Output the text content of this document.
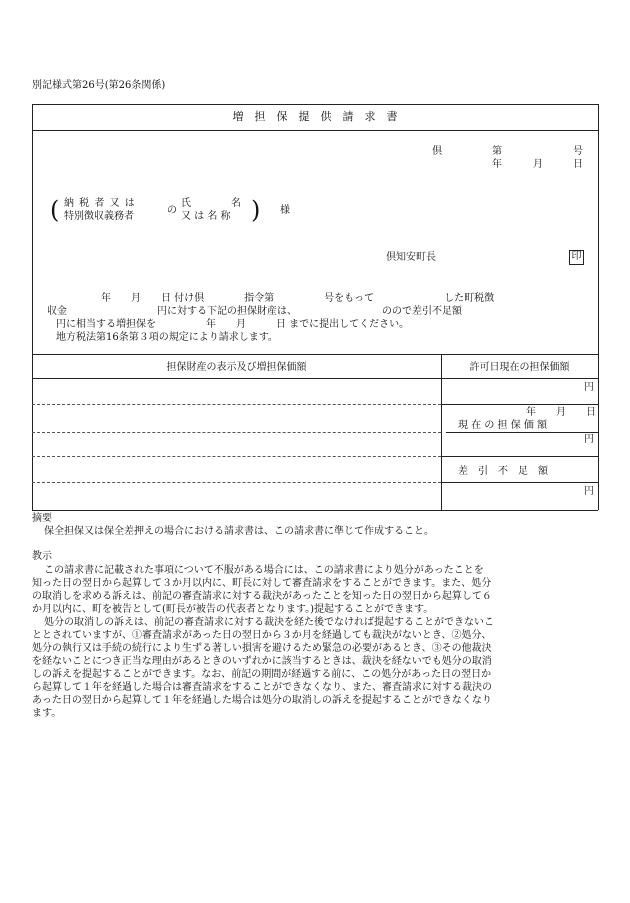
別記様式第26号(第26条関係)
増　担　保　提　供　請　求　書
倶	第	号
年	月	日
( 納 税 者 又 は
特別徴収義務者
の
氏　　　　名
又 は 名 称 ) 様
倶知安町長	印
年　　月　　日 付け倶　　　　指令第　　　　　号をもって　　　　　　　した町税徴
収金　　　　　　　　　円に対する下記の担保財産は、　　　　　　　　　のので差引不足額
円に相当する増担保を　　　　　年　　月　　　日 までに提出してください。
地方税法第16条第３項の規定により請求します。
担保財産の表示及び増担保価額	許可日現在の担保価額
円
年　　月　　日
現 在 の 担 保 価 額
円
差　引　不　足　額
円
摘要
保全担保又は保全差押えの場合における請求書は、この請求書に準じて作成すること。
教示
この請求書に記載された事項について不服がある場合には、この請求書により処分があったことを
知った日の翌日から起算して３か月以内に、町長に対して審査請求をすることができます。また、処分
の取消しを求める訴えは、前記の審査請求に対する裁決があったことを知った日の翌日から起算して６
か月以内に、町を被告として(町長が被告の代表者となります。)提起することができます。
処分の取消しの訴えは、前記の審査請求に対する裁決を経た後でなければ提起することができないこ
ととされていますが、①審査請求があった日の翌日から３か月を経過しても裁決がないとき、②処分、
処分の執行又は手続の続行により生ずる著しい損害を避けるため緊急の必要があるとき、③その他裁決
を経ないことにつき正当な理由があるときのいずれかに該当するときは、裁決を経ないでも処分の取消
しの訴えを提起することができます。なお、前記の期間が経過する前に、この処分があった日の翌日か
ら起算して１年を経過した場合は審査請求をすることができなくなり、また、審査請求に対する裁決の
あった日の翌日から起算して１年を経過した場合は処分の取消しの訴えを提起することができなくなり
ます。
